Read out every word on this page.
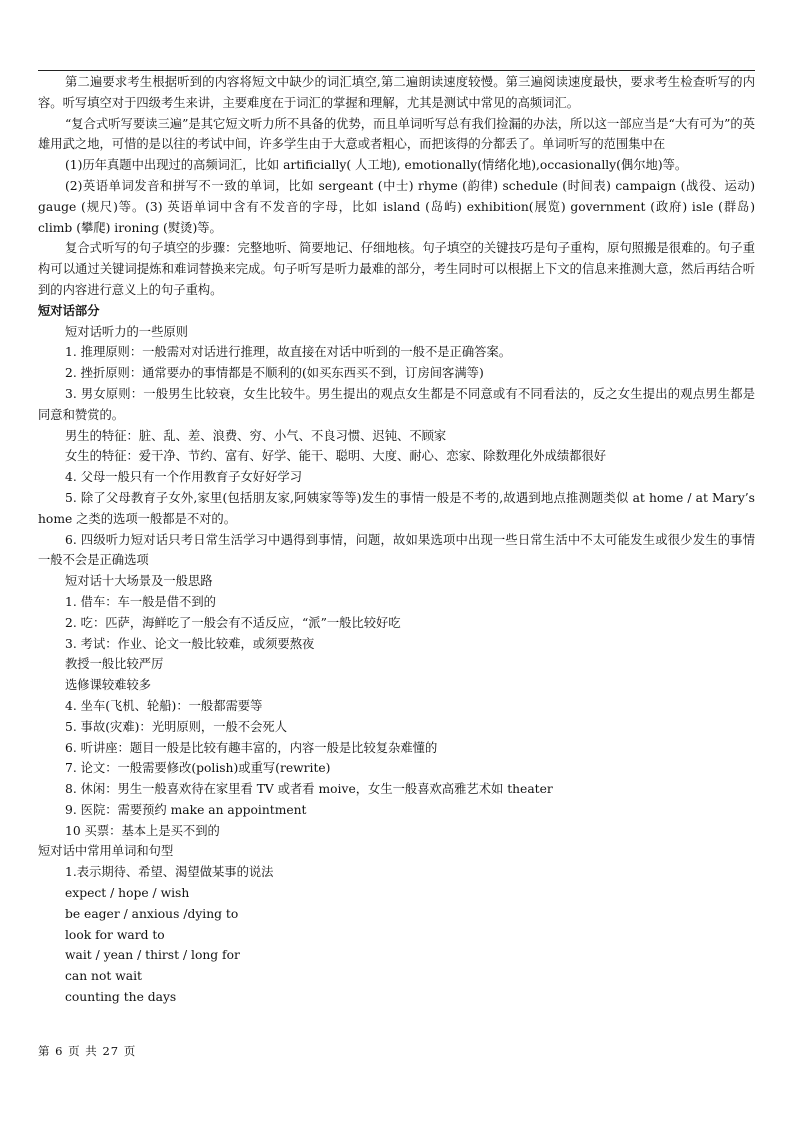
第二遍要求考生根据听到的内容将短文中缺少的词汇填空,第二遍朗读速度较慢。第三遍阅读速度最快，要求考生检查听写的内容。听写填空对于四级考生来讲，主要难度在于词汇的掌握和理解，尤其是测试中常见的高频词汇。

“复合式听写要读三遍”是其它短文听力所不具备的优势，而且单词听写总有我们捡漏的办法，所以这一部应当是“大有可为”的英雄用武之地，可惜的是以往的考试中间，许多学生由于大意或者粗心，而把该得的分都丢了。单词听写的范围集中在

(1)历年真题中出现过的高频词汇，比如 artificially( 人工地), emotionally(情绪化地),occasionally(偶尔地)等。

(2)英语单词发音和拼写不一致的单词，比如 sergeant (中士) rhyme (韵律) schedule (时间表) campaign (战役、运动) gauge (规尺)等。(3) 英语单词中含有不发音的字母，比如 island (岛屿) exhibition(展览) government (政府) isle (群岛) climb (攀爬) ironing (熨烫)等。

复合式听写的句子填空的步骤：完整地听、简要地记、仔细地核。句子填空的关键技巧是句子重构，原句照搬是很难的。句子重构可以通过关键词提炼和难词替换来完成。句子听写是听力最难的部分，考生同时可以根据上下文的信息来推测大意，然后再结合听到的内容进行意义上的句子重构。

短对话部分

短对话听力的一些原则

1. 推理原则：一般需对对话进行推理，故直接在对话中听到的一般不是正确答案。

2. 挫折原则：通常要办的事情都是不顺利的(如买东西买不到，订房间客满等)

3. 男女原则：一般男生比较衰，女生比较牛。男生提出的观点女生都是不同意或有不同看法的，反之女生提出的观点男生都是同意和赞赏的。

男生的特征：脏、乱、差、浪费、穷、小气、不良习惯、迟钝、不顾家

女生的特征：爱干净、节约、富有、好学、能干、聪明、大度、耐心、恋家、除数理化外成绩都很好

4. 父母一般只有一个作用教育子女好好学习

5. 除了父母教育子女外,家里(包括朋友家,阿姨家等等)发生的事情一般是不考的,故遇到地点推测题类似 at home / at Mary’s home 之类的选项一般都是不对的。

6. 四级听力短对话只考日常生活学习中遇得到事情，问题，故如果选项中出现一些日常生活中不太可能发生或很少发生的事情一般不会是正确选项

短对话十大场景及一般思路

1. 借车：车一般是借不到的

2. 吃：匹萨，海鲜吃了一般会有不适反应，“派”一般比较好吃

3. 考试：作业、论文一般比较难，或须要熬夜

教授一般比较严厉

选修课较难较多

4. 坐车(飞机、轮船)：一般都需要等

5. 事故(灾难)：光明原则，一般不会死人

6. 听讲座：题目一般是比较有趣丰富的，内容一般是比较复杂难懂的

7. 论文：一般需要修改(polish)或重写(rewrite)

8. 休闲：男生一般喜欢待在家里看 TV 或者看 moive，女生一般喜欢高雅艺术如 theater

9. 医院：需要预约 make an appointment

10 买票：基本上是买不到的

短对话中常用单词和句型

1.表示期待、希望、渴望做某事的说法

expect / hope / wish

be eager / anxious /dying to

look for ward to

wait / yean / thirst / long for

can not wait

counting the days

第 6 页 共 27 页
